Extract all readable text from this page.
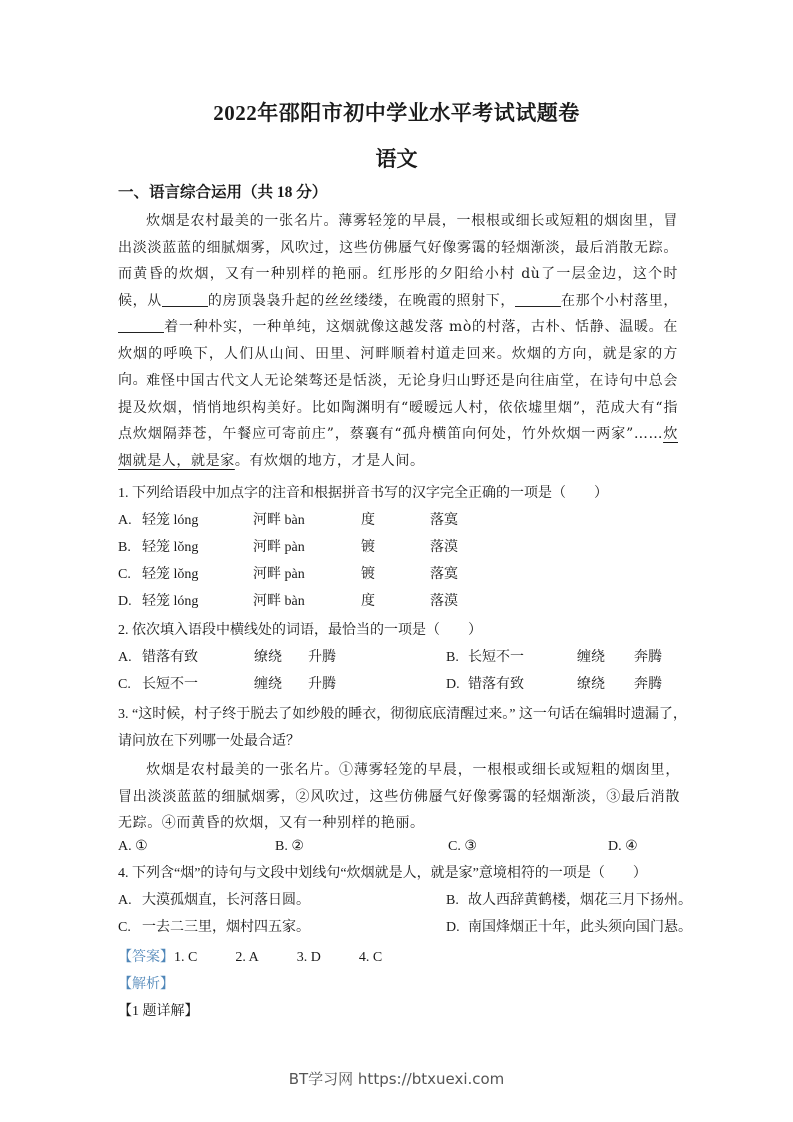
2022年邵阳市初中学业水平考试试题卷
语文
一、语言综合运用（共 18 分）
炊烟是农村最美的一张名片。薄雾轻笼 .的早晨，一根根或细长或短粗的烟囱里，冒出淡淡蓝蓝的细腻烟雾，风吹过，这些仿佛蜃气好像雾霭的轻烟渐淡，最后消散无踪。而黄昏的炊烟，又有一种别样的艳丽。红彤彤的夕阳给小村 dù了一层金边，这个时候，从	的房顶袅袅升起的丝丝缕缕，在晚霞的照射下，	在那个小村落里，着一种朴实，一种单纯，这烟就像这越发落 mò的村落，古朴、恬静、温暖。在炊烟的呼唤下，人们从山间、田里、河畔顺着村道走回来。炊烟的方向，就是家的方向。
难怪中国古代文人无论桀骜还是恬淡，无论身归山野还是向往庙堂，在诗句中总会提及炊烟，悄悄地织构美好。比如陶渊明有“暧暧远人村，依依墟里烟”，范成大有“指点炊烟隔莽苍，午餐应可寄前庄”，蔡襄有“孤舟横笛向何处，竹外炊烟一两家”……炊烟就是人，就是家。有炊烟的地方，才是人间。
1. 下列给语段中加点字的注音和根据拼音书写的汉字完全正确的一项是（　　）
A. 轻笼 lóng	河畔 bàn	度	落寞
B. 轻笼 lǒng	河畔 pàn	镀	落漠
C. 轻笼 lǒng	河畔 pàn	镀	落寞
D. 轻笼 lóng	河畔 bàn	度	落漠
2. 依次填入语段中横线处的词语，最恰当的一项是（　　）
A. 错落有致	缭绕 升腾	B. 长短不一	缠绕 奔腾
C. 长短不一	缠绕 升腾	D. 错落有致	缭绕 奔腾
3. “这时候，村子终于脱去了如纱般的睡衣，彻彻底底清醒过来。” 这一句话在编辑时遗漏了，请问放在下列哪一处最合适？
炊烟是农村最美的一张名片。①薄雾轻笼的早晨，一根根或细长或短粗的烟囱里，冒出淡淡蓝蓝的细腻烟雾，②风吹过，这些仿佛蜃气好像雾霭的轻烟渐淡，③最后消散无踪。④而黄昏的炊烟，又有一种别样的艳丽。
A. ①	B. ②	C. ③	D. ④
4. 下列含“烟”的诗句与文段中划线句“炊烟就是人，就是家”意境相符的一项是（　　）
A. 大漠孤烟直，长河落日圆。	B. 故人西辞黄鹤楼，烟花三月下扬州。
C. 一去二三里，烟村四五家。	D. 南国烽烟正十年，此头须向国门悬。
【答案】1. C	2. A	3. D	4. C
【解析】
【1 题详解】
BT学习网 https://btxuexi.com
